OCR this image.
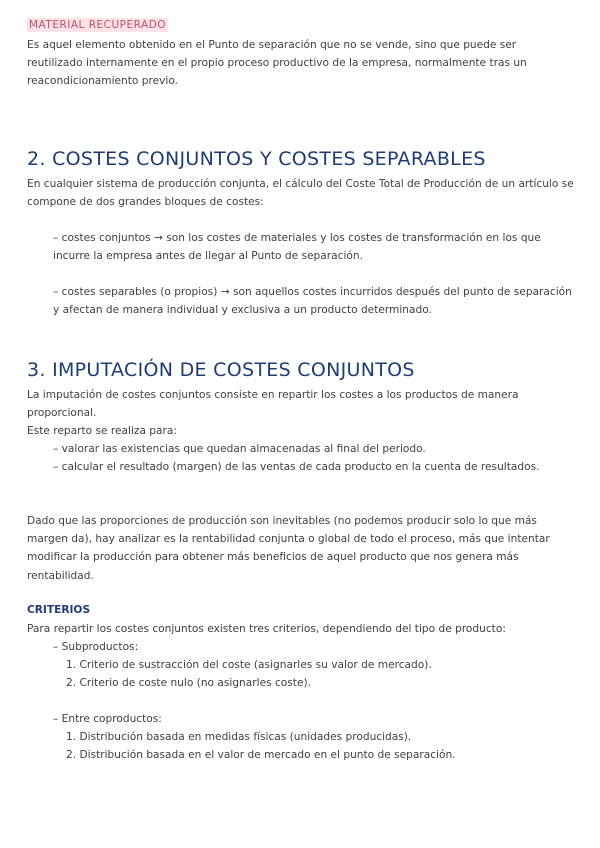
MATERIAL RECUPERADO
Es aquel elemento obtenido en el Punto de separación que no se vende, sino que puede ser reutilizado internamente en el propio proceso productivo de la empresa, normalmente tras un reacondicionamiento previo.
2. COSTES CONJUNTOS Y COSTES SEPARABLES
En cualquier sistema de producción conjunta, el cálculo del Coste Total de Producción de un artículo se compone de dos grandes bloques de costes:
– costes conjuntos → son los costes de materiales y los costes de transformación en los que incurre la empresa antes de llegar al Punto de separación.
– costes separables (o propios) → son aquellos costes incurridos después del punto de separación y afectan de manera individual y exclusiva a un producto determinado.
3. IMPUTACIÓN DE COSTES CONJUNTOS
La imputación de costes conjuntos consiste en repartir los costes a los productos de manera proporcional.
Este reparto se realiza para:
– valorar las existencias que quedan almacenadas al final del periodo.
– calcular el resultado (margen) de las ventas de cada producto en la cuenta de resultados.
Dado que las proporciones de producción son inevitables (no podemos producir solo lo que más margen da), hay analizar es la rentabilidad conjunta o global de todo el proceso, más que intentar modificar la producción para obtener más beneficios de aquel producto que nos genera más rentabilidad.
CRITERIOS
Para repartir los costes conjuntos existen tres criterios, dependiendo del tipo de producto:
– Subproductos:
1. Criterio de sustracción del coste (asignarles su valor de mercado).
2. Criterio de coste nulo (no asignarles coste).
– Entre coproductos:
1. Distribución basada en medidas físicas (unidades producidas).
2. Distribución basada en el valor de mercado en el punto de separación.
